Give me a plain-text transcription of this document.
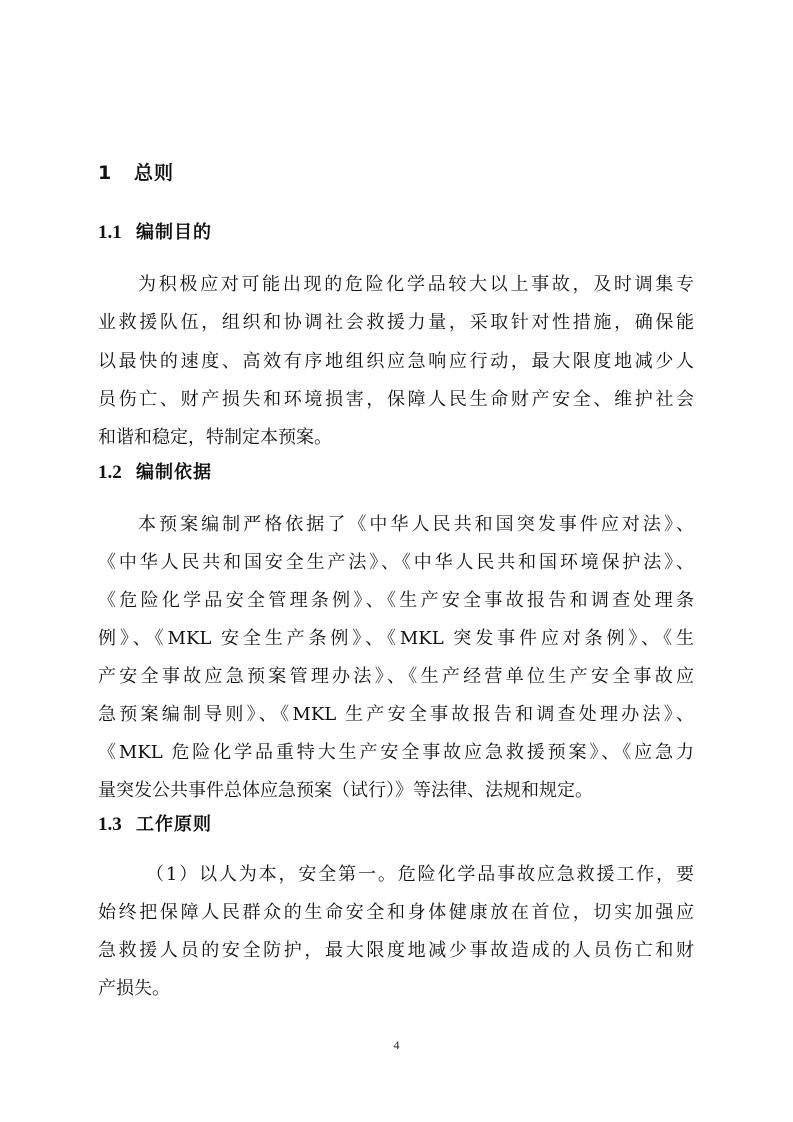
1 总则
1.1 编制目的
为积极应对可能出现的危险化学品较大以上事故，及时调集专
业救援队伍，组织和协调社会救援力量，采取针对性措施，确保能
以最快的速度、高效有序地组织应急响应行动，最大限度地减少人
员伤亡、财产损失和环境损害，保障人民生命财产安全、维护社会
和谐和稳定，特制定本预案。
1.2 编制依据
本预案编制严格依据了《中华人民共和国突发事件应对法》、
《中华人民共和国安全生产法》、《中华人民共和国环境保护法》、
《危险化学品安全管理条例》、《生产安全事故报告和调查处理条
例》、《MKL 安全生产条例》、《MKL 突发事件应对条例》、《生
产安全事故应急预案管理办法》、《生产经营单位生产安全事故应
急预案编制导则》、《MKL 生产安全事故报告和调查处理办法》、
《MKL 危险化学品重特大生产安全事故应急救援预案》、《应急力
量突发公共事件总体应急预案（试行）》等法律、法规和规定。
1.3 工作原则
（1）以人为本，安全第一。危险化学品事故应急救援工作，要
始终把保障人民群众的生命安全和身体健康放在首位，切实加强应
急救援人员的安全防护，最大限度地减少事故造成的人员伤亡和财
产损失。
4
